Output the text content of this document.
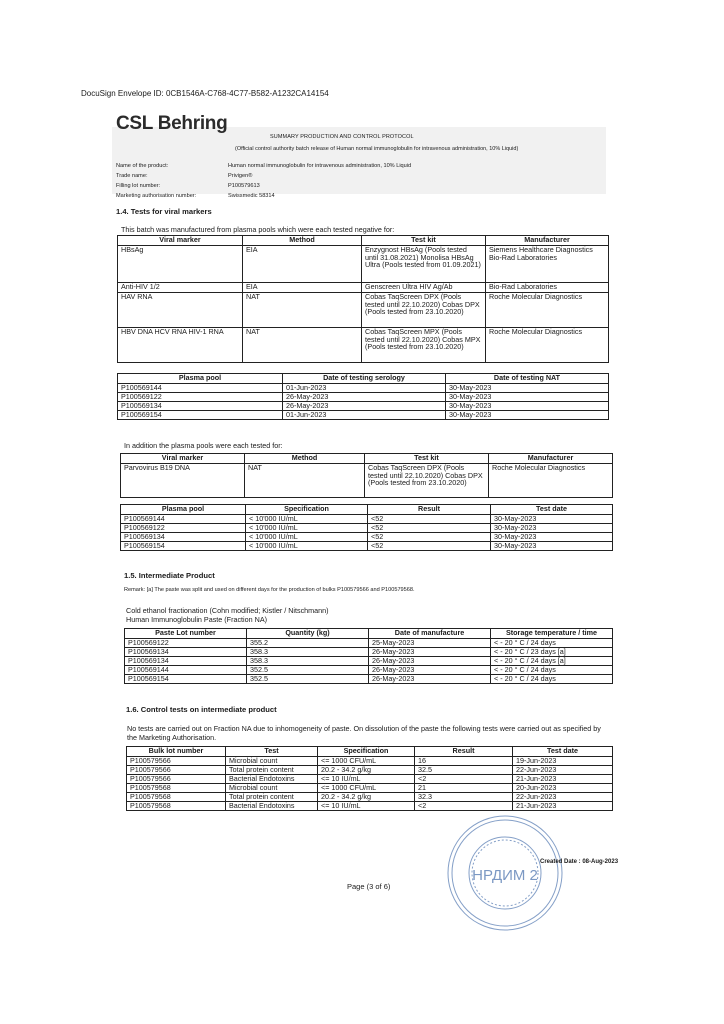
DocuSign Envelope ID: 0CB1546A-C768-4C77-B582-A1232CA14154
CSL Behring
SUMMARY PRODUCTION AND CONTROL PROTOCOL
(Official control authority batch release of Human normal immunoglobulin for intravenous administration, 10% Liquid)
Name of the product:	Human normal immunoglobulin for intravenous administration, 10% Liquid
Trade name:	Privigen®
Filling lot number:	P100579613
Marketing authorisation number:	Swissmedic 58314
1.4. Tests for viral markers
This batch was manufactured from plasma pools which were each tested negative for:
Viral marker	Method	Test kit	Manufacturer
HBsAg	EIA	Enzygnost HBsAg (Pools tested until 31.08.2021) Monolisa HBsAg Ultra (Pools tested from 01.09.2021)	Siemens Healthcare Diagnostics Bio-Rad Laboratories
Anti-HIV 1/2	EIA	Genscreen Ultra HIV Ag/Ab	Bio-Rad Laboratories
HAV RNA	NAT	Cobas TaqScreen DPX (Pools tested until 22.10.2020) Cobas DPX (Pools tested from 23.10.2020)	Roche Molecular Diagnostics
HBV DNA HCV RNA HIV-1 RNA	NAT	Cobas TaqScreen MPX (Pools tested until 22.10.2020) Cobas MPX (Pools tested from 23.10.2020)	Roche Molecular Diagnostics
Plasma pool	Date of testing serology	Date of testing NAT
P100569144	01-Jun-2023	30-May-2023
P100569122	26-May-2023	30-May-2023
P100569134	26-May-2023	30-May-2023
P100569154	01-Jun-2023	30-May-2023
In addition the plasma pools were each tested for:
Viral marker	Method	Test kit	Manufacturer
Parvovirus B19 DNA	NAT	Cobas TaqScreen DPX (Pools tested until 22.10.2020) Cobas DPX (Pools tested from 23.10.2020)	Roche Molecular Diagnostics
Plasma pool	Specification	Result	Test date
P100569144	< 10'000 IU/mL	<52	30-May-2023
P100569122	< 10'000 IU/mL	<52	30-May-2023
P100569134	< 10'000 IU/mL	<52	30-May-2023
P100569154	< 10'000 IU/mL	<52	30-May-2023
1.5. Intermediate Product
Remark: [a] The paste was split and used on different days for the production of bulks P100579566 and P100579568.
Cold ethanol fractionation (Cohn modified; Kistler / Nitschmann)
Human Immunoglobulin Paste (Fraction NA)
Paste Lot number	Quantity (kg)	Date of manufacture	Storage temperature / time
P100569122	355.2	25-May-2023	< - 20 ° C / 24 days
P100569134	358.3	26-May-2023	< - 20 ° C / 23 days [a]
P100569134	358.3	26-May-2023	< - 20 ° C / 24 days [a]
P100569144	352.5	26-May-2023	< - 20 ° C / 24 days
P100569154	352.5	26-May-2023	< - 20 ° C / 24 days
1.6. Control tests on intermediate product
No tests are carried out on Fraction NA due to inhomogeneity of paste. On dissolution of the paste the following tests were carried out as specified by the Marketing Authorisation.
Bulk lot number	Test	Specification	Result	Test date
P100579566	Microbial count	<= 1000 CFU/mL	16	19-Jun-2023
P100579566	Total protein content	20.2 - 34.2 g/kg	32.5	22-Jun-2023
P100579566	Bacterial Endotoxins	<= 10 IU/mL	<2	21-Jun-2023
P100579568	Microbial count	<= 1000 CFU/mL	21	20-Jun-2023
P100579568	Total protein content	20.2 - 34.2 g/kg	32.3	22-Jun-2023
P100579568	Bacterial Endotoxins	<= 10 IU/mL	<2	21-Jun-2023
НРДИМ 2
Created Date : 08-Aug-2023
Page (3 of 6)
